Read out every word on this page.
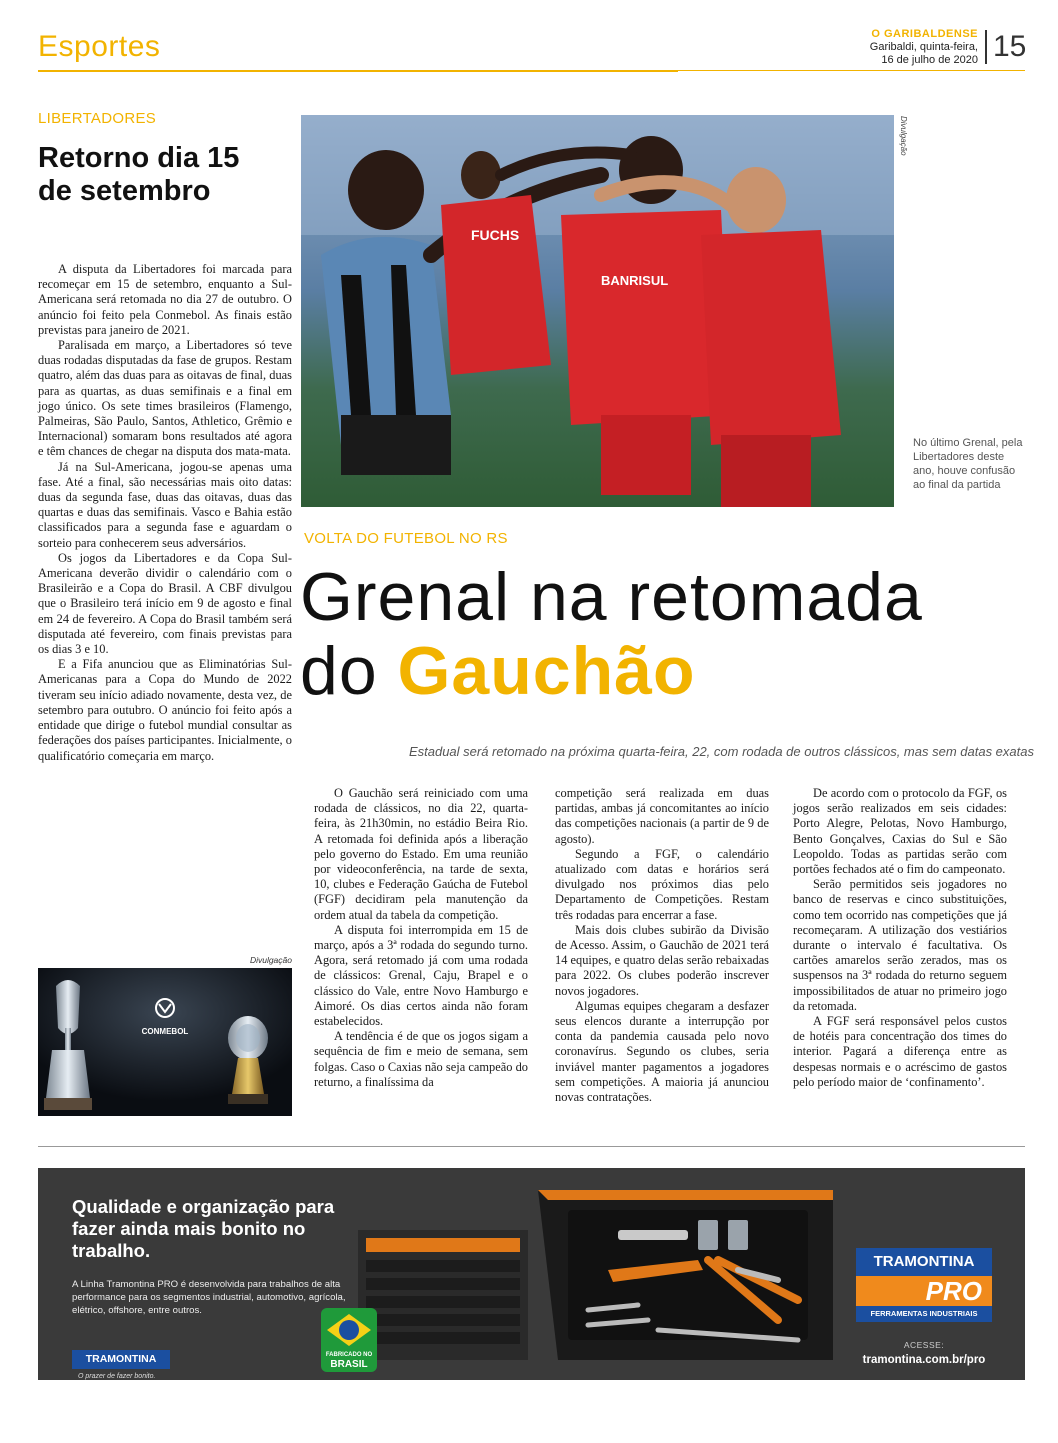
Esportes	O GARIBALDENSE
Garibaldi, quinta-feira,
16 de julho de 2020 15
LIBERTADORES
Retorno dia 15 de setembro

A disputa da Libertadores foi marcada para recomeçar em 15 de setembro, enquanto a Sul-Americana será retomada no dia 27 de outubro. O anúncio foi feito pela Conmebol. As finais estão previstas para janeiro de 2021.

Paralisada em março, a Libertadores só teve duas rodadas disputadas da fase de grupos. Restam quatro, além das duas para as oitavas de final, duas para as quartas, as duas semifinais e a final em jogo único. Os sete times brasileiros (Flamengo, Palmeiras, São Paulo, Santos, Athletico, Grêmio e Internacional) somaram bons resultados até agora e têm chances de chegar na disputa dos mata-mata.

Já na Sul-Americana, jogou-se apenas uma fase. Até a final, são necessárias mais oito datas: duas da segunda fase, duas das oitavas, duas das quartas e duas das semifinais. Vasco e Bahia estão classificados para a segunda fase e aguardam o sorteio para conhecerem seus adversários.

Os jogos da Libertadores e da Copa Sul-Americana deverão dividir o calendário com o Brasileirão e a Copa do Brasil. A CBF divulgou que o Brasileiro terá início em 9 de agosto e final em 24 de fevereiro. A Copa do Brasil também será disputada até fevereiro, com finais previstas para os dias 3 e 10.

E a Fifa anunciou que as Eliminatórias Sul-Americanas para a Copa do Mundo de 2022 tiveram seu início adiado novamente, desta vez, de setembro para outubro. O anúncio foi feito após a entidade que dirige o futebol mundial consultar as federações dos países participantes. Inicialmente, o qualificatório começaria em março.

Divulgação
CONMEBOL
FUCHS
BANRISUL
Divulgação
No último Grenal, pela Libertadores deste ano, houve confusão ao final da partida
VOLTA DO FUTEBOL NO RS
Grenal na retomada
do Gauchão
Estadual será retomado na próxima quarta-feira, 22, com rodada de outros clássicos, mas sem datas exatas

O Gauchão será reiniciado com uma rodada de clássicos, no dia 22, quarta-feira, às 21h30min, no estádio Beira Rio. A retomada foi definida após a liberação pelo governo do Estado. Em uma reunião por videoconferência, na tarde de sexta, 10, clubes e Federação Gaúcha de Futebol (FGF) decidiram pela manutenção da ordem atual da tabela da competição.

A disputa foi interrompida em 15 de março, após a 3ª rodada do segundo turno. Agora, será retomado já com uma rodada de clássicos: Grenal, Caju, Brapel e o clássico do Vale, entre Novo Hamburgo e Aimoré. Os dias certos ainda não foram estabelecidos.

A tendência é de que os jogos sigam a sequência de fim e meio de semana, sem folgas. Caso o Caxias não seja campeão do returno, a finalíssima da

competição será realizada em duas partidas, ambas já concomitantes ao início das competições nacionais (a partir de 9 de agosto).

Segundo a FGF, o calendário atualizado com datas e horários será divulgado nos próximos dias pelo Departamento de Competições. Restam três rodadas para encerrar a fase.

Mais dois clubes subirão da Divisão de Acesso. Assim, o Gauchão de 2021 terá 14 equipes, e quatro delas serão rebaixadas para 2022. Os clubes poderão inscrever novos jogadores.

Algumas equipes chegaram a desfazer seus elencos durante a interrupção por conta da pandemia causada pelo novo coronavírus. Segundo os clubes, seria inviável manter pagamentos a jogadores sem competições. A maioria já anunciou novas contratações.

De acordo com o protocolo da FGF, os jogos serão realizados em seis cidades: Porto Alegre, Pelotas, Novo Hamburgo, Bento Gonçalves, Caxias do Sul e São Leopoldo. Todas as partidas serão com portões fechados até o fim do campeonato.

Serão permitidos seis jogadores no banco de reservas e cinco substituições, como tem ocorrido nas competições que já recomeçaram. A utilização dos vestiários durante o intervalo é facultativa. Os cartões amarelos serão zerados, mas os suspensos na 3ª rodada do returno seguem impossibilitados de atuar no primeiro jogo da retomada.

A FGF será responsável pelos custos de hotéis para concentração dos times do interior. Pagará a diferença entre as despesas normais e o acréscimo de gastos pelo período maior de ‘confinamento’.

Qualidade e organização para fazer ainda mais bonito no trabalho.
A Linha Tramontina PRO é desenvolvida para trabalhos de alta performance para os segmentos industrial, automotivo, agrícola, elétrico, offshore, entre outros.
TRAMONTINA
O prazer de fazer bonito.
FABRICADO NO
BRASIL
TRAMONTINA
PRO
FERRAMENTAS INDUSTRIAIS
ACESSE:
tramontina.com.br/pro
